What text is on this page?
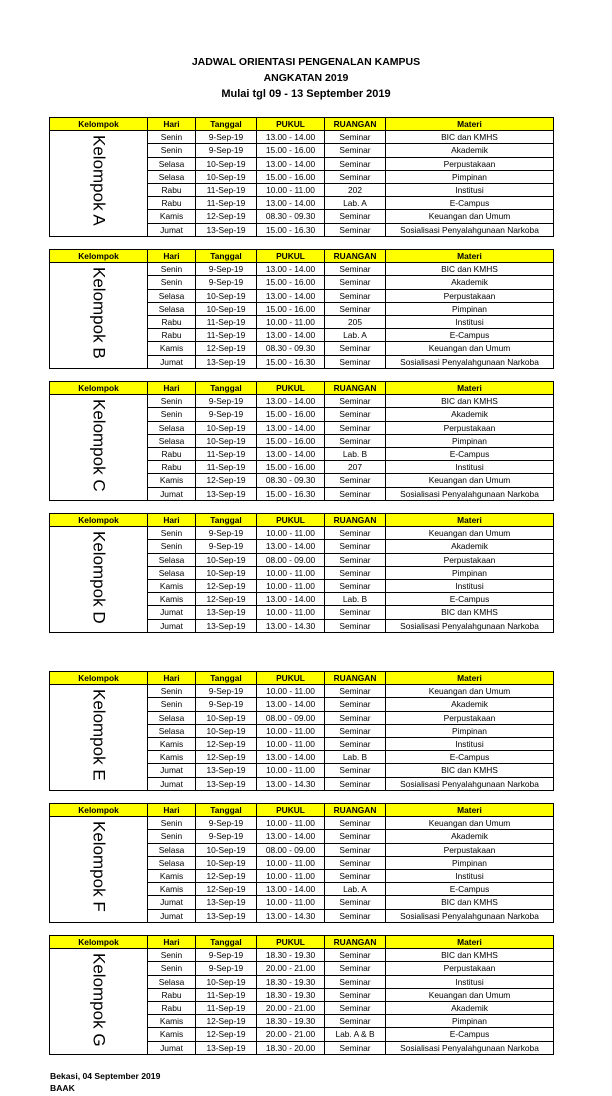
JADWAL ORIENTASI PENGENALAN KAMPUS
ANGKATAN 2019
Mulai tgl 09 - 13 September 2019
Kelompok	Hari	Tanggal	PUKUL	RUANGAN	Materi

Kelompok A	Senin	9-Sep-19	13.00 - 14.00	Seminar	BIC dan KMHS
	Senin	9-Sep-19	15.00 - 16.00	Seminar	Akademik
	Selasa	10-Sep-19	13.00 - 14.00	Seminar	Perpustakaan
	Selasa	10-Sep-19	15.00 - 16.00	Seminar	Pimpinan
	Rabu	11-Sep-19	10.00 - 11.00	202	Institusi
	Rabu	11-Sep-19	13.00 - 14.00	Lab. A	E-Campus
	Kamis	12-Sep-19	08.30 - 09.30	Seminar	Keuangan dan Umum
	Jumat	13-Sep-19	15.00 - 16.30	Seminar	Sosialisasi Penyalahgunaan Narkoba
Kelompok	Hari	Tanggal	PUKUL	RUANGAN	Materi

Kelompok B	Senin	9-Sep-19	13.00 - 14.00	Seminar	BIC dan KMHS
	Senin	9-Sep-19	15.00 - 16.00	Seminar	Akademik
	Selasa	10-Sep-19	13.00 - 14.00	Seminar	Perpustakaan
	Selasa	10-Sep-19	15.00 - 16.00	Seminar	Pimpinan
	Rabu	11-Sep-19	10.00 - 11.00	205	Institusi
	Rabu	11-Sep-19	13.00 - 14.00	Lab. A	E-Campus
	Kamis	12-Sep-19	08.30 - 09.30	Seminar	Keuangan dan Umum
	Jumat	13-Sep-19	15.00 - 16.30	Seminar	Sosialisasi Penyalahgunaan Narkoba
Kelompok	Hari	Tanggal	PUKUL	RUANGAN	Materi

Kelompok C	Senin	9-Sep-19	13.00 - 14.00	Seminar	BIC dan KMHS
	Senin	9-Sep-19	15.00 - 16.00	Seminar	Akademik
	Selasa	10-Sep-19	13.00 - 14.00	Seminar	Perpustakaan
	Selasa	10-Sep-19	15.00 - 16.00	Seminar	Pimpinan
	Rabu	11-Sep-19	13.00 - 14.00	Lab. B	E-Campus
	Rabu	11-Sep-19	15.00 - 16.00	207	Institusi
	Kamis	12-Sep-19	08.30 - 09.30	Seminar	Keuangan dan Umum
	Jumat	13-Sep-19	15.00 - 16.30	Seminar	Sosialisasi Penyalahgunaan Narkoba
Kelompok	Hari	Tanggal	PUKUL	RUANGAN	Materi

Kelompok D	Senin	9-Sep-19	10.00 - 11.00	Seminar	Keuangan dan Umum
	Senin	9-Sep-19	13.00 - 14.00	Seminar	Akademik
	Selasa	10-Sep-19	08.00 - 09.00	Seminar	Perpustakaan
	Selasa	10-Sep-19	10.00 - 11.00	Seminar	Pimpinan
	Kamis	12-Sep-19	10.00 - 11.00	Seminar	Institusi
	Kamis	12-Sep-19	13.00 - 14.00	Lab. B	E-Campus
	Jumat	13-Sep-19	10.00 - 11.00	Seminar	BIC dan KMHS
	Jumat	13-Sep-19	13.00 - 14.30	Seminar	Sosialisasi Penyalahgunaan Narkoba
Kelompok	Hari	Tanggal	PUKUL	RUANGAN	Materi

Kelompok E	Senin	9-Sep-19	10.00 - 11.00	Seminar	Keuangan dan Umum
	Senin	9-Sep-19	13.00 - 14.00	Seminar	Akademik
	Selasa	10-Sep-19	08.00 - 09.00	Seminar	Perpustakaan
	Selasa	10-Sep-19	10.00 - 11.00	Seminar	Pimpinan
	Kamis	12-Sep-19	10.00 - 11.00	Seminar	Institusi
	Kamis	12-Sep-19	13.00 - 14.00	Lab. B	E-Campus
	Jumat	13-Sep-19	10.00 - 11.00	Seminar	BIC dan KMHS
	Jumat	13-Sep-19	13.00 - 14.30	Seminar	Sosialisasi Penyalahgunaan Narkoba
Kelompok	Hari	Tanggal	PUKUL	RUANGAN	Materi

Kelompok F	Senin	9-Sep-19	10.00 - 11.00	Seminar	Keuangan dan Umum
	Senin	9-Sep-19	13.00 - 14.00	Seminar	Akademik
	Selasa	10-Sep-19	08.00 - 09.00	Seminar	Perpustakaan
	Selasa	10-Sep-19	10.00 - 11.00	Seminar	Pimpinan
	Kamis	12-Sep-19	10.00 - 11.00	Seminar	Institusi
	Kamis	12-Sep-19	13.00 - 14.00	Lab. A	E-Campus
	Jumat	13-Sep-19	10.00 - 11.00	Seminar	BIC dan KMHS
	Jumat	13-Sep-19	13.00 - 14.30	Seminar	Sosialisasi Penyalahgunaan Narkoba
Kelompok	Hari	Tanggal	PUKUL	RUANGAN	Materi

Kelompok G	Senin	9-Sep-19	18.30 - 19.30	Seminar	BIC dan KMHS
	Senin	9-Sep-19	20.00 - 21.00	Seminar	Perpustakaan
	Selasa	10-Sep-19	18.30 - 19.30	Seminar	Institusi
	Rabu	11-Sep-19	18.30 - 19.30	Seminar	Keuangan dan Umum
	Rabu	11-Sep-19	20.00 - 21.00	Seminar	Akademik
	Kamis	12-Sep-19	18.30 - 19.30	Seminar	Pimpinan
	Kamis	12-Sep-19	20.00 - 21.00	Lab. A & B	E-Campus
	Jumat	13-Sep-19	18.30 - 20.00	Seminar	Sosialisasi Penyalahgunaan Narkoba
Bekasi, 04 September 2019
BAAK
